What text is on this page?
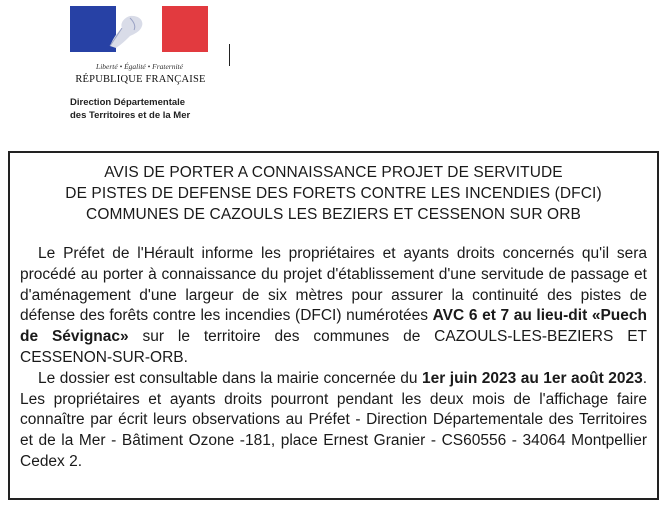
Liberté • Égalité • Fraternité
RÉPUBLIQUE FRANÇAISE
Direction Départementale
des Territoires et de la Mer
AVIS DE PORTER A CONNAISSANCE PROJET DE SERVITUDE
DE PISTES DE DEFENSE DES FORETS CONTRE LES INCENDIES (DFCI)
COMMUNES DE CAZOULS LES BEZIERS ET CESSENON SUR ORB

Le Préfet de l'Hérault informe les propriétaires et ayants droits concernés qu'il sera procédé au porter à connaissance du projet d'établissement d'une servitude de passage et d'aménagement d'une largeur de six mètres pour assurer la continuité des pistes de défense des forêts contre les incendies (DFCI) numérotées AVC 6 et 7 au lieu-dit «Puech de Sévignac» sur le territoire des communes de CAZOULS-LES-BEZIERS ET CESSENON-SUR-ORB.

Le dossier est consultable dans la mairie concernée du 1er juin 2023 au 1er août 2023. Les propriétaires et ayants droits pourront pendant les deux mois de l'affichage faire connaître par écrit leurs observations au Préfet - Direction Départementale des Territoires et de la Mer - Bâtiment Ozone -181, place Ernest Granier - CS60556 - 34064 Montpellier Cedex 2.
